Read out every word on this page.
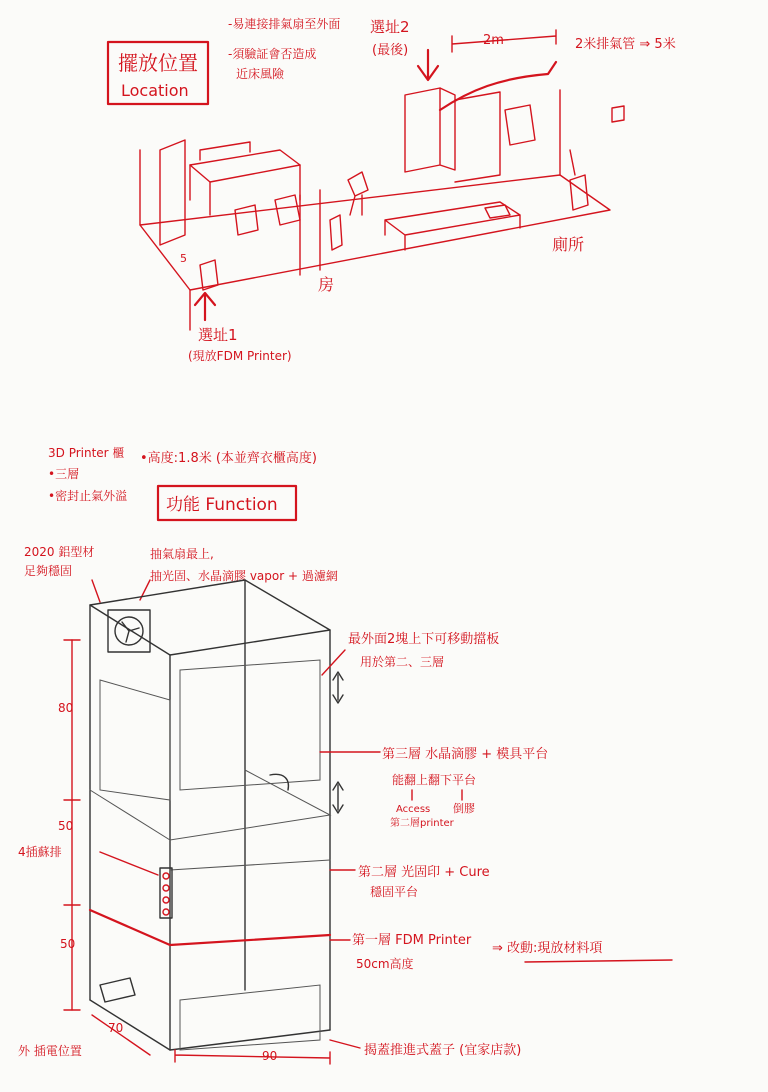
擺放位置
Location
-易連接排氣扇至外面
-須驗証會否造成
近床風險
選址2
(最後)
2m	2米排氣管 ⇒ 5米
5
廁所
房
選址1
(現放FDM Printer)
3D Printer 櫃
•三層
•密封止氣外溢
•高度:1.8米 (本並齊衣櫃高度)
功能 Function
2020 鋁型材
足夠穩固
抽氣扇最上,
抽光固、水晶滴膠 vapor + 過濾網
80
50
50
70
90
最外面2塊上下可移動擋板
用於第二、三層
第三層 水晶滴膠 + 模具平台
能翻上翻下平台
Access
第二層printer
倒膠
第二層 光固印 + Cure
穩固平台
第一層 FDM Printer
50cm高度
⇒ 改動:現放材料項
4插蘇排
外 插電位置	揭蓋推進式蓋子 (宜家店款)
